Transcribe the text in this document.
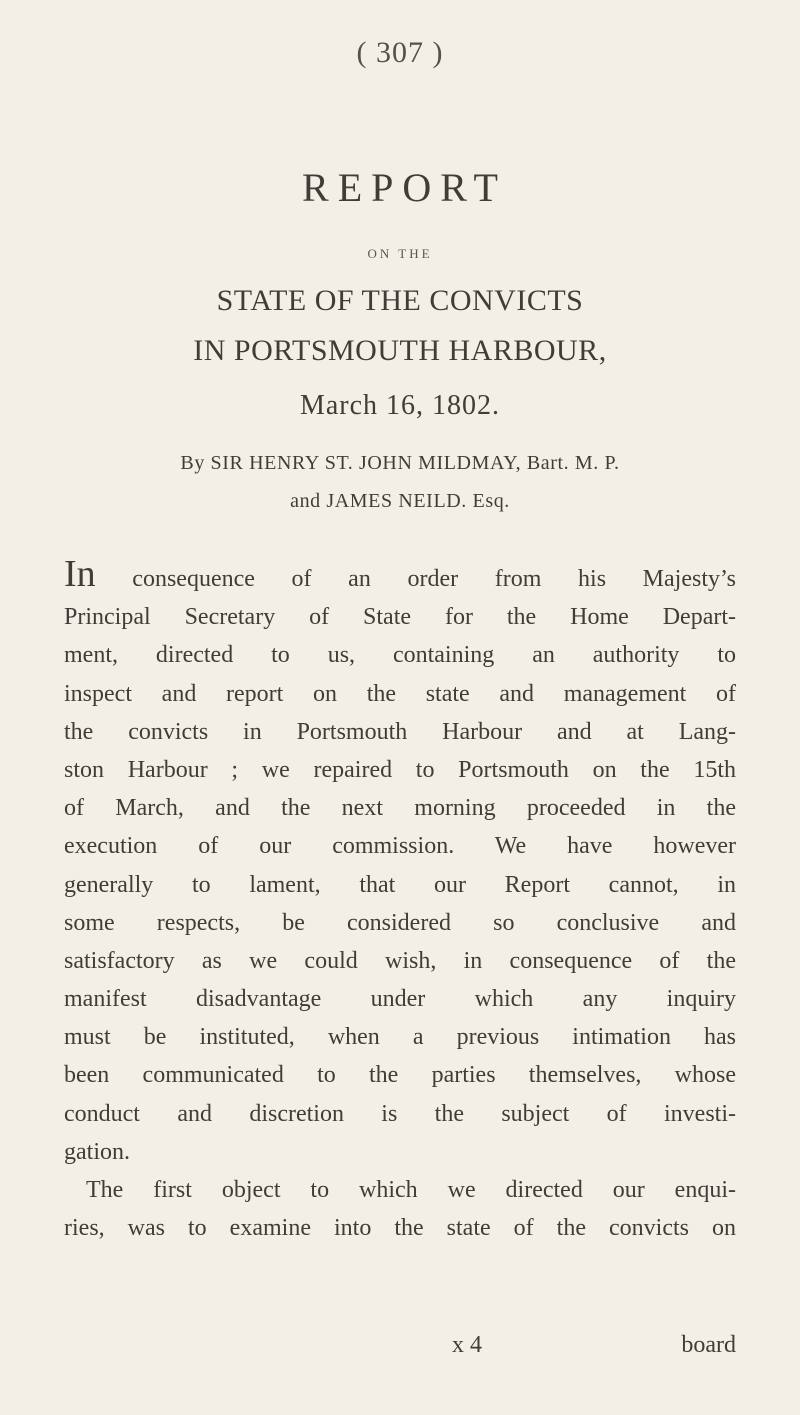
( 307 )
REPORT
ON THE
STATE OF THE CONVICTS
IN PORTSMOUTH HARBOUR,
March 16, 1802.
By SIR HENRY ST. JOHN MILDMAY, Bart. M. P.
and JAMES NEILD. Esq.
In consequence of an order from his Majesty’s
Principal Secretary of State for the Home Depart-
ment, directed to us, containing an authority to
inspect and report on the state and management of
the convicts in Portsmouth Harbour and at Lang-
ston Harbour ; we repaired to Portsmouth on the 15th
of March, and the next morning proceeded in the
execution of our commission. We have however
generally to lament, that our Report cannot, in
some respects, be considered so conclusive and
satisfactory as we could wish, in consequence of the
manifest disadvantage under which any inquiry
must be instituted, when a previous intimation has
been communicated to the parties themselves, whose
conduct and discretion is the subject of investi-
gation.
The first object to which we directed our enqui-
ries, was to examine into the state of the convicts on
x 4	board
